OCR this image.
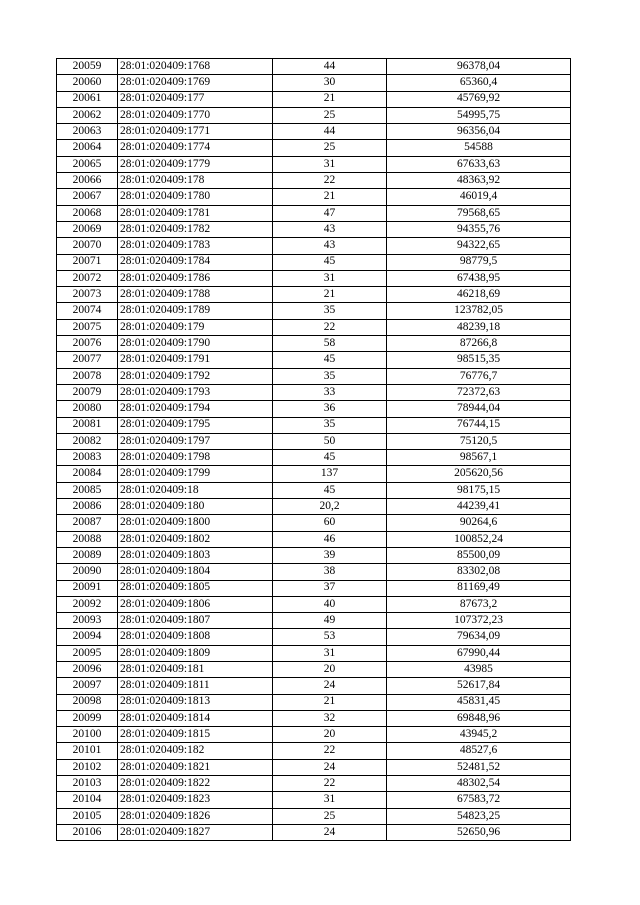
20059	28:01:020409:1768	44	96378,04
20060	28:01:020409:1769	30	65360,4
20061	28:01:020409:177	21	45769,92
20062	28:01:020409:1770	25	54995,75
20063	28:01:020409:1771	44	96356,04
20064	28:01:020409:1774	25	54588
20065	28:01:020409:1779	31	67633,63
20066	28:01:020409:178	22	48363,92
20067	28:01:020409:1780	21	46019,4
20068	28:01:020409:1781	47	79568,65
20069	28:01:020409:1782	43	94355,76
20070	28:01:020409:1783	43	94322,65
20071	28:01:020409:1784	45	98779,5
20072	28:01:020409:1786	31	67438,95
20073	28:01:020409:1788	21	46218,69
20074	28:01:020409:1789	35	123782,05
20075	28:01:020409:179	22	48239,18
20076	28:01:020409:1790	58	87266,8
20077	28:01:020409:1791	45	98515,35
20078	28:01:020409:1792	35	76776,7
20079	28:01:020409:1793	33	72372,63
20080	28:01:020409:1794	36	78944,04
20081	28:01:020409:1795	35	76744,15
20082	28:01:020409:1797	50	75120,5
20083	28:01:020409:1798	45	98567,1
20084	28:01:020409:1799	137	205620,56
20085	28:01:020409:18	45	98175,15
20086	28:01:020409:180	20,2	44239,41
20087	28:01:020409:1800	60	90264,6
20088	28:01:020409:1802	46	100852,24
20089	28:01:020409:1803	39	85500,09
20090	28:01:020409:1804	38	83302,08
20091	28:01:020409:1805	37	81169,49
20092	28:01:020409:1806	40	87673,2
20093	28:01:020409:1807	49	107372,23
20094	28:01:020409:1808	53	79634,09
20095	28:01:020409:1809	31	67990,44
20096	28:01:020409:181	20	43985
20097	28:01:020409:1811	24	52617,84
20098	28:01:020409:1813	21	45831,45
20099	28:01:020409:1814	32	69848,96
20100	28:01:020409:1815	20	43945,2
20101	28:01:020409:182	22	48527,6
20102	28:01:020409:1821	24	52481,52
20103	28:01:020409:1822	22	48302,54
20104	28:01:020409:1823	31	67583,72
20105	28:01:020409:1826	25	54823,25
20106	28:01:020409:1827	24	52650,96
